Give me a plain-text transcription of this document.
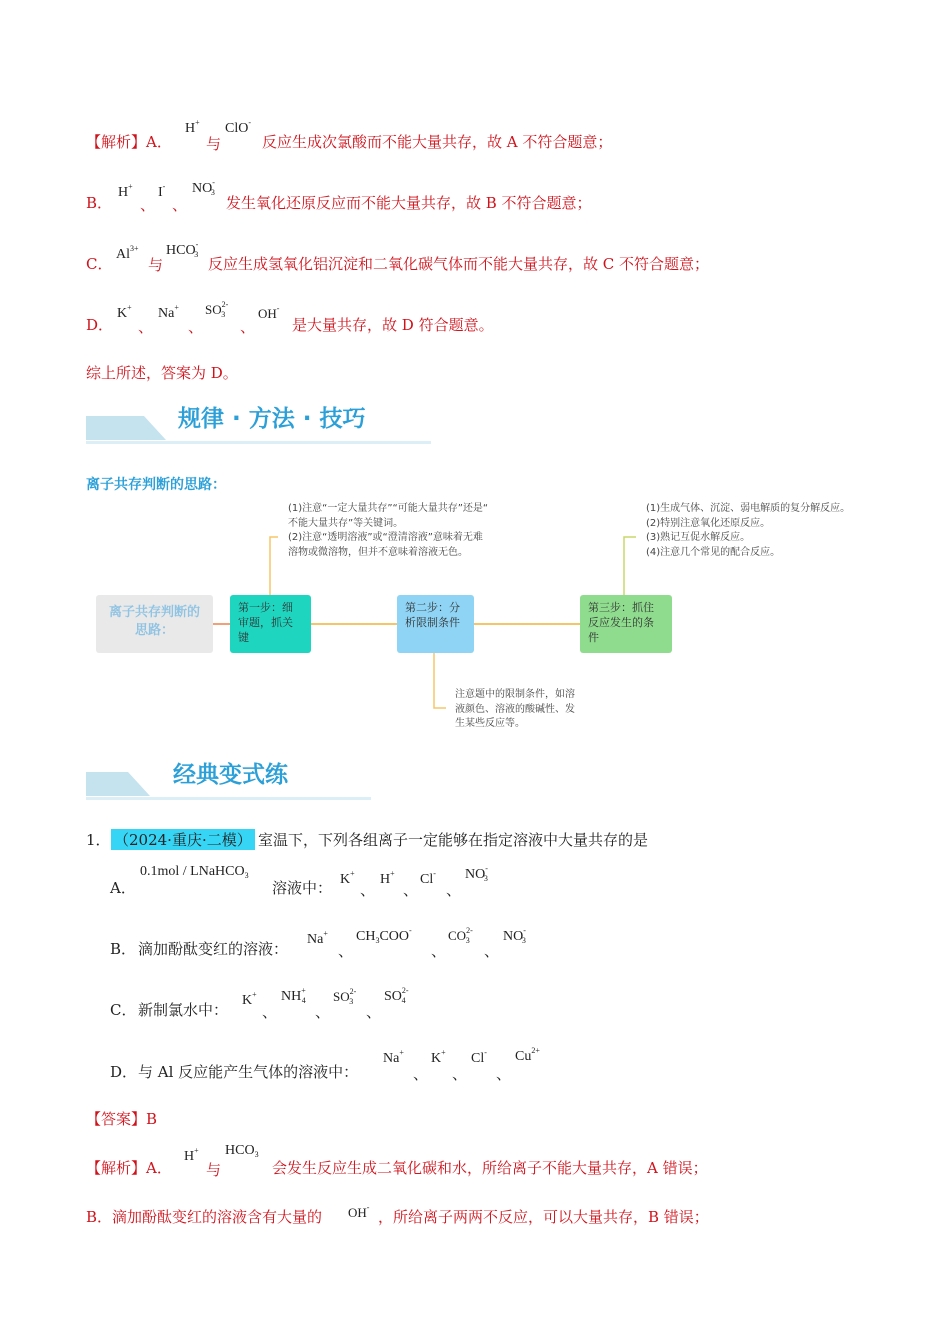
【解析】A．
H+
与
ClO-
反应生成次氯酸而不能大量共存，故 A 不符合题意；
B．
H+
、
I-
、
$NO^-_3$
发生氧化还原反应而不能大量共存，故 B 不符合题意；
C．
$Al^{3+}$
与
$HCO^-_3$
反应生成氢氧化铝沉淀和二氧化碳气体而不能大量共存，故 C 不符合题意；
D．
K+
、
Na+
、
$SO^{2-}_3$
、
OH-
是大量共存，故 D 符合题意。
综上所述，答案为 D。
规律 · 方法 · 技巧
离子共存判断的思路：
离子共存判断的思路：
第一步：细审题，抓关键
第二步：分析限制条件
第三步：抓住反应发生的条件
(1)注意“一定大量共存”“可能大量共存”还是“
不能大量共存”等关键词。
(2)注意“透明溶液”或“澄清溶液”意味着无难
溶物或微溶物，但并不意味着溶液无色。
注意题中的限制条件，如溶
液颜色、溶液的酸碱性、发
生某些反应等。
(1)生成气体、沉淀、弱电解质的复分解反应。
(2)特别注意氧化还原反应。
(3)熟记互促水解反应。
(4)注意几个常见的配合反应。
经典变式练
1． （2024·重庆·二模） 室温下，下列各组离子一定能够在指定溶液中大量共存的是
A．
0.1mol / LNaHCO$_3$
溶液中： K+
、
H+
、
Cl-
、
$NO^-_3$
B． 滴加酚酞变红的溶液：
Na+
、
$CH_3COO^-$
、
$CO^{2-}_3$
、
$NO^-_3$
C． 新制氯水中：
K+
、
$NH^+_4$
、
$SO^{2-}_3$
、
$SO^{2-}_4$
D． 与 Al 反应能产生气体的溶液中：
Na+
、
K+
、
Cl-
、
$Cu^{2+}$
【答案】B
【解析】A．
H+
与
$HCO_3$
会发生反应生成二氧化碳和水，所给离子不能大量共存，A 错误；
B．滴加酚酞变红的溶液含有大量的 OH-
，所给离子两两不反应，可以大量共存，B 错误；
